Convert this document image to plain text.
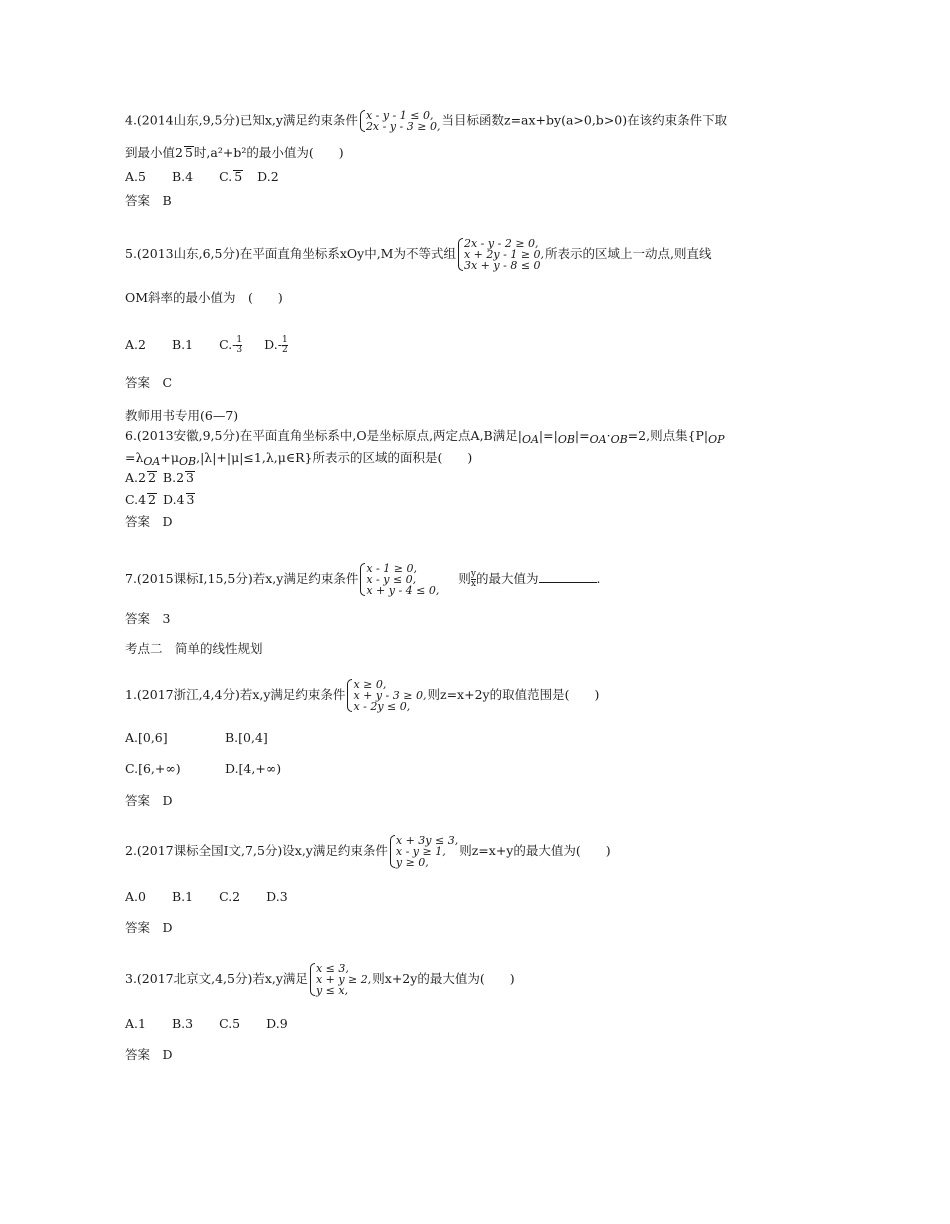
4.(2014山东,9,5分)已知x,y满足约束条件 x - y - 1 ≤ 0,
2x - y - 3 ≥ 0, 当目标函数z=ax+by(a>0,b>0)在该约束条件下取
到最小值2 5时,a²+b²的最小值为(　　)
A.5 B.4 C. 5 D.2
答案　B
5.(2013山东,6,5分)在平面直角坐标系xOy中,M为不等式组
2x - y - 2 ≥ 0,
x + 2y - 1 ≥ 0,
3x + y - 8 ≤ 0
所表示的区域上一动点,则直线
OM斜率的最小值为　(　　)
A.2 B.1 $C.- \frac{1}{3} D.- \frac{1}{2}$
答案　C
教师用书专用(6—7)
6.(2013安徽,9,5分)在平面直角坐标系中,O是坐标原点,两定点A,B满足|OA|=|OB|=OA·OB=2,则点集{P|OP
=λOA+μOB,|λ|+|μ|≤1,λ,μ∈R}所表示的区域的面积是(　　)
A.2 2 B.2 3
C.4 2 D.4 3
答案　D
7.(2015课标Ⅰ,15,5分)若x,y满足约束条件
x - 1 ≥ 0,
x - y ≤ 0,
x + y - 4 ≤ 0,
则 $\frac{y}{x}$ 的最大值为	.
答案　3
考点二　简单的线性规划
1.(2017浙江,4,4分)若x,y满足约束条件
x ≥ 0,
x + y - 3 ≥ 0,
x - 2y ≤ 0,
则z=x+2y的取值范围是(　　)
A.[0,6]	B.[0,4]
C.[6,+∞)	D.[4,+∞)
答案　D
2.(2017课标全国Ⅰ文,7,5分)设x,y满足约束条件
x + 3y ≤ 3,
x - y ≥ 1,
y ≥ 0,
则z=x+y的最大值为(　　)
A.0 B.1 C.2 D.3
答案　D
3.(2017北京文,4,5分)若x,y满足
x ≤ 3,
x + y ≥ 2,
y ≤ x,
则x+2y的最大值为(　　)
A.1 B.3 C.5 D.9
答案　D
